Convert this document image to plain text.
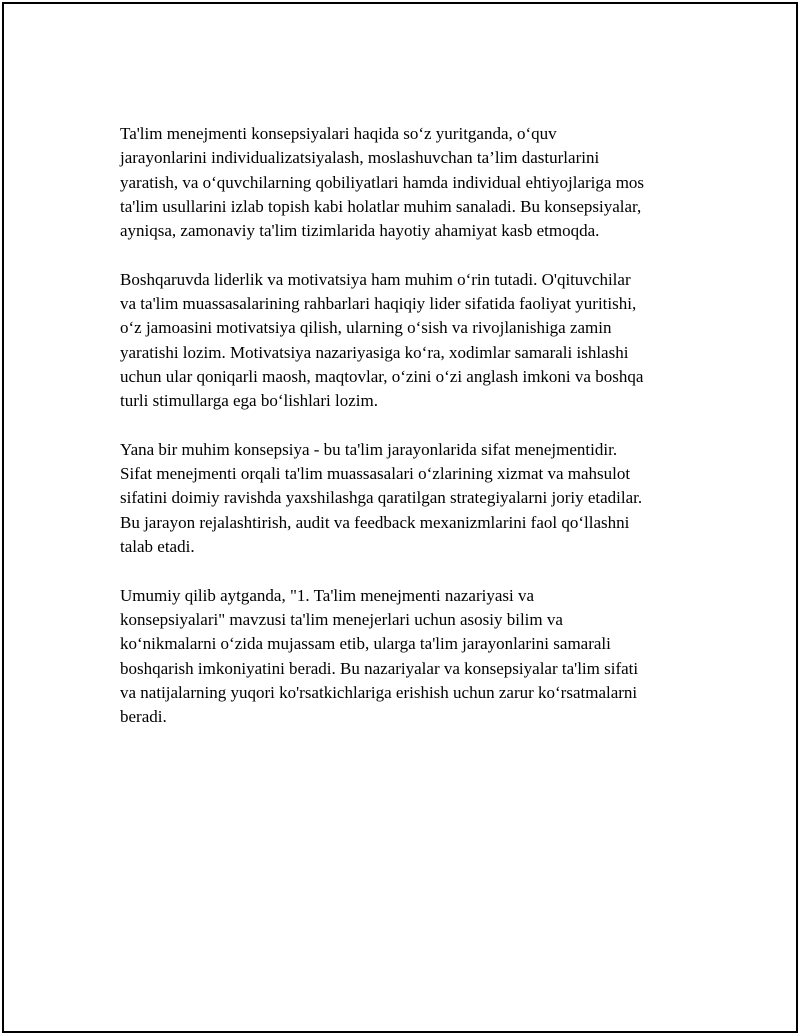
Ta'lim menejmenti konsepsiyalari haqida so‘z yuritganda, o‘quv
jarayonlarini individualizatsiyalash, moslashuvchan ta’lim dasturlarini
yaratish, va o‘quvchilarning qobiliyatlari hamda individual ehtiyojlariga mos
ta'lim usullarini izlab topish kabi holatlar muhim sanaladi. Bu konsepsiyalar,
ayniqsa, zamonaviy ta'lim tizimlarida hayotiy ahamiyat kasb etmoqda.

Boshqaruvda liderlik va motivatsiya ham muhim o‘rin tutadi. O'qituvchilar
va ta'lim muassasalarining rahbarlari haqiqiy lider sifatida faoliyat yuritishi,
o‘z jamoasini motivatsiya qilish, ularning o‘sish va rivojlanishiga zamin
yaratishi lozim. Motivatsiya nazariyasiga ko‘ra, xodimlar samarali ishlashi
uchun ular qoniqarli maosh, maqtovlar, o‘zini o‘zi anglash imkoni va boshqa
turli stimullarga ega bo‘lishlari lozim.

Yana bir muhim konsepsiya - bu ta'lim jarayonlarida sifat menejmentidir.
Sifat menejmenti orqali ta'lim muassasalari o‘zlarining xizmat va mahsulot
sifatini doimiy ravishda yaxshilashga qaratilgan strategiyalarni joriy etadilar.
Bu jarayon rejalashtirish, audit va feedback mexanizmlarini faol qo‘llashni
talab etadi.

Umumiy qilib aytganda, "1. Ta'lim menejmenti nazariyasi va
konsepsiyalari" mavzusi ta'lim menejerlari uchun asosiy bilim va
ko‘nikmalarni o‘zida mujassam etib, ularga ta'lim jarayonlarini samarali
boshqarish imkoniyatini beradi. Bu nazariyalar va konsepsiyalar ta'lim sifati
va natijalarning yuqori ko'rsatkichlariga erishish uchun zarur ko‘rsatmalarni
beradi.
